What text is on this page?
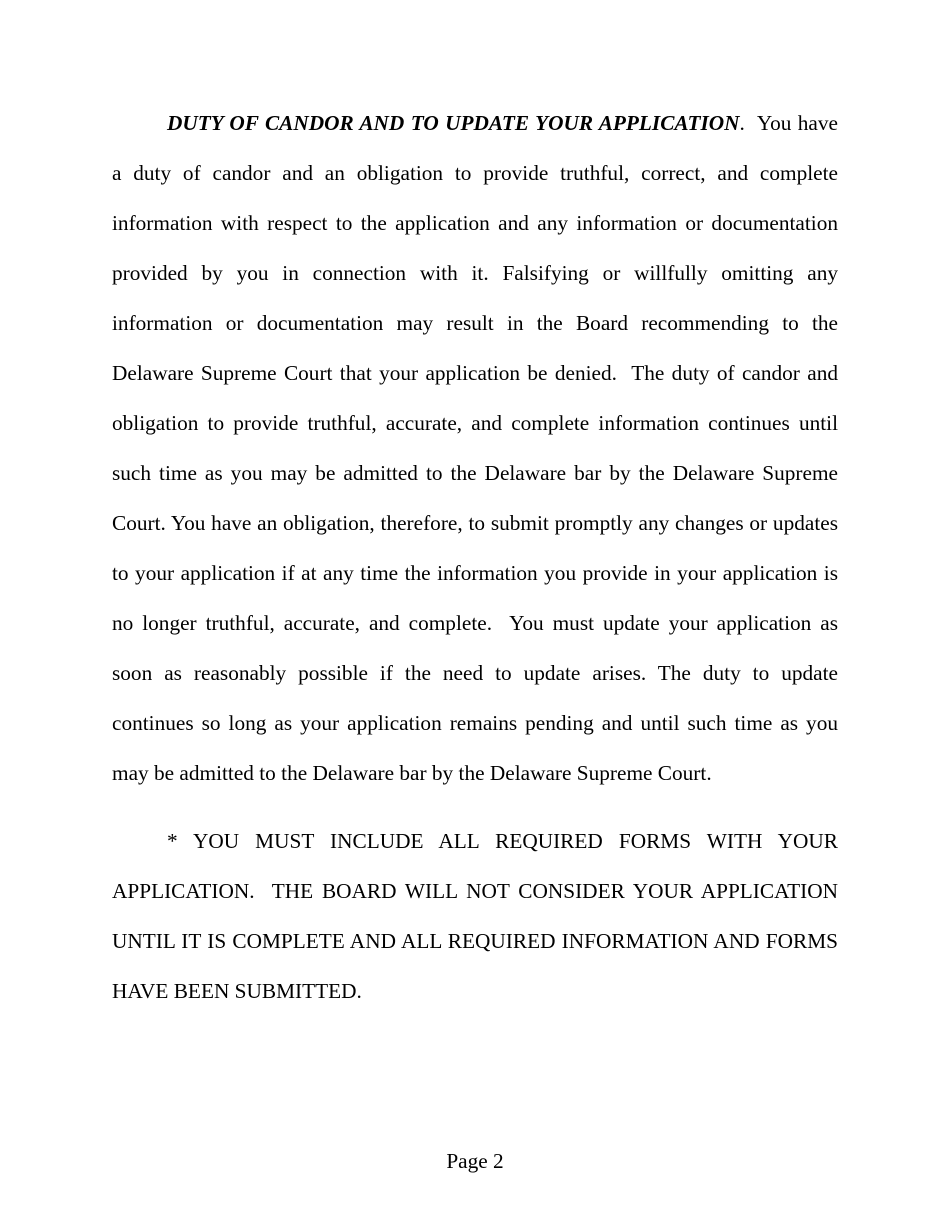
DUTY OF CANDOR AND TO UPDATE YOUR APPLICATION.  You have a duty of candor and an obligation to provide truthful, correct, and complete information with respect to the application and any information or documentation provided by you in connection with it. Falsifying or willfully omitting any information or documentation may result in the Board recommending to the Delaware Supreme Court that your application be denied.  The duty of candor and obligation to provide truthful, accurate, and complete information continues until such time as you may be admitted to the Delaware bar by the Delaware Supreme Court. You have an obligation, therefore, to submit promptly any changes or updates to your application if at any time the information you provide in your application is no longer truthful, accurate, and complete.  You must update your application as soon as reasonably possible if the need to update arises. The duty to update continues so long as your application remains pending and until such time as you may be admitted to the Delaware bar by the Delaware Supreme Court.

* YOU MUST INCLUDE ALL REQUIRED FORMS WITH YOUR APPLICATION.  THE BOARD WILL NOT CONSIDER YOUR APPLICATION UNTIL IT IS COMPLETE AND ALL REQUIRED INFORMATION AND FORMS HAVE BEEN SUBMITTED.

Page 2
